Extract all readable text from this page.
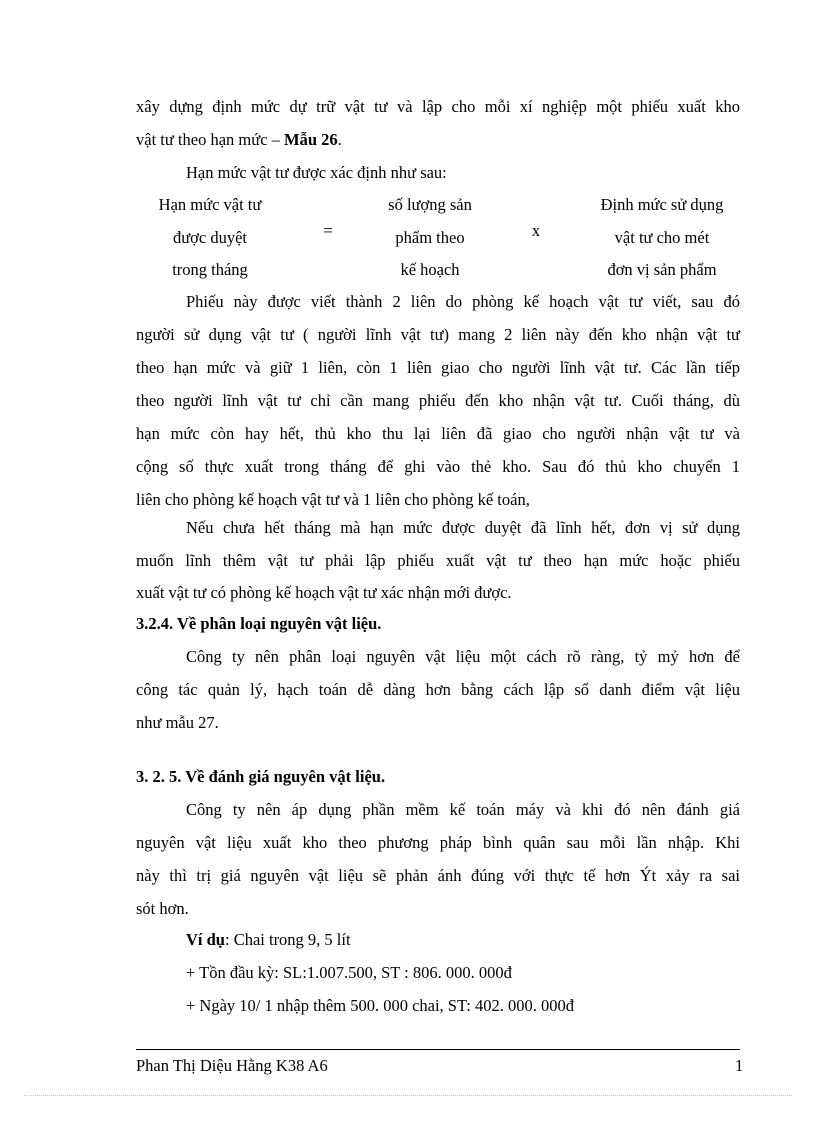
xây dựng định mức dự trữ vật tư và lập cho mỗi xí nghiệp một phiếu xuất kho
vật tư theo hạn mức – Mẫu 26.
Hạn mức vật tư được xác định như sau:
Hạn mức vật tư
được duyệt
trong tháng
=
số lượng sản
phẩm theo
kế hoạch
x
Định mức sử dụng
vật tư cho mét
đơn vị sản phẩm
Phiếu này được viết thành 2 liên do phòng kế hoạch vật tư viết, sau đó
người sử dụng vật tư ( người lĩnh vật tư) mang 2 liên này đến kho nhận vật tư
theo hạn mức và giữ 1 liên, còn 1 liên giao cho người lĩnh vật tư. Các lần tiếp
theo người lĩnh vật tư chỉ cần mang phiếu đến kho nhận vật tư. Cuối tháng, dù
hạn mức còn hay hết, thủ kho thu lại liên đã giao cho người nhận vật tư và
cộng số thực xuất trong tháng để ghi vào thẻ kho. Sau đó thủ kho chuyển 1
liên cho phòng kế hoạch vật tư và 1 liên cho phòng kế toán,
Nếu chưa hết tháng mà hạn mức được duyệt đã lĩnh hết, đơn vị sử dụng
muốn lĩnh thêm vật tư phải lập phiếu xuất vật tư theo hạn mức hoặc phiếu
xuất vật tư có phòng kế hoạch vật tư xác nhận mới được.
3.2.4. Về phân loại nguyên vật liệu.
Công ty nên phân loại nguyên vật liệu một cách rõ ràng, tỷ mỷ hơn để
công tác quản lý, hạch toán dễ dàng hơn bằng cách lập sổ danh điểm vật liệu
như mẫu 27.
3. 2. 5. Về đánh giá nguyên vật liệu.
Công ty nên áp dụng phần mềm kế toán máy và khi đó nên đánh giá
nguyên vật liệu xuất kho theo phương pháp bình quân sau mỗi lần nhập. Khi
này thì trị giá nguyên vật liệu sẽ phản ánh đúng với thực tế hơn Ýt xảy ra sai
sót hơn.
Ví dụ: Chai trong 9, 5 lít
+ Tồn đầu kỳ: SL:1.007.500, ST : 806. 000. 000đ
+ Ngày 10/ 1 nhập thêm 500. 000 chai, ST: 402. 000. 000đ
Phan Thị Diệu Hằng K38 A6	1
